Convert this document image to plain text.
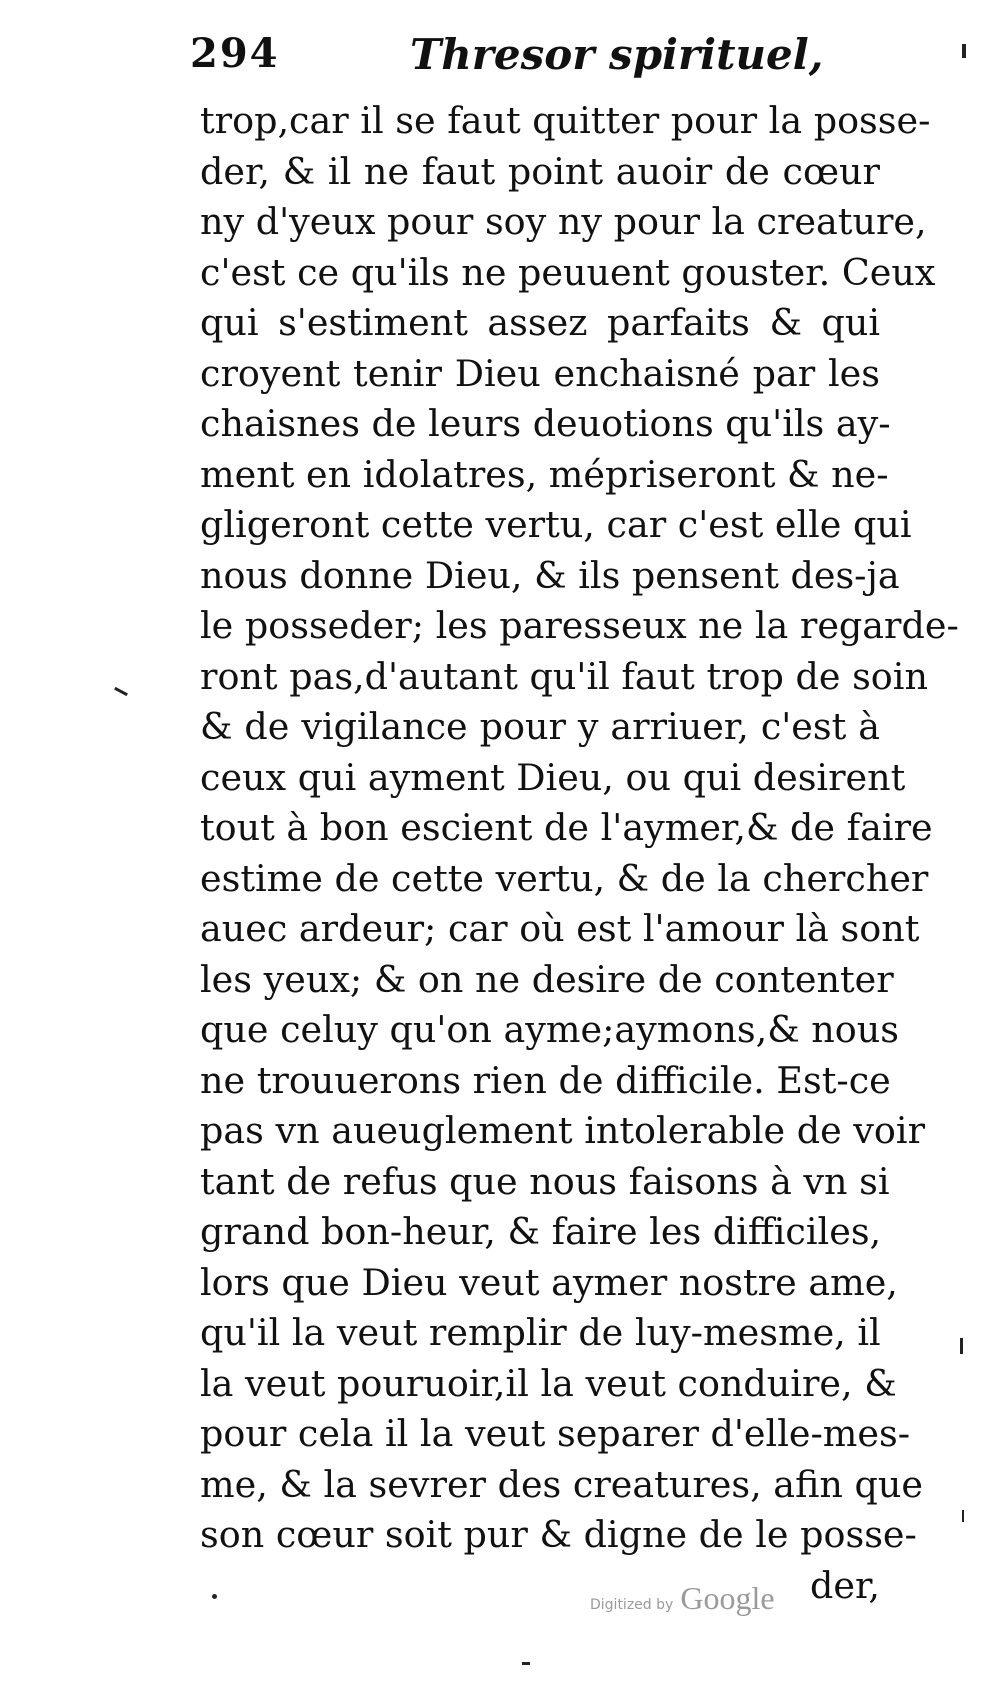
294	Thresor spirituel,
trop,car il se faut quitter pour la posse-
der, & il ne faut point auoir de cœur
ny d'yeux pour soy ny pour la creature,
c'est ce qu'ils ne peuuent gouster. Ceux
qui s'estiment assez parfaits & qui
croyent tenir Dieu enchaisné par les
chaisnes de leurs deuotions qu'ils ay-
ment en idolatres, mépriseront & ne-
gligeront cette vertu, car c'est elle qui
nous donne Dieu, & ils pensent des-ja
le posseder; les paresseux ne la regarde-
ront pas,d'autant qu'il faut trop de soin
& de vigilance pour y arriuer, c'est à
ceux qui ayment Dieu, ou qui desirent
tout à bon escient de l'aymer,& de faire
estime de cette vertu, & de la chercher
auec ardeur; car où est l'amour là sont
les yeux; & on ne desire de contenter
que celuy qu'on ayme;aymons,& nous
ne trouuerons rien de difficile. Est-ce
pas vn aueuglement intolerable de voir
tant de refus que nous faisons à vn si
grand bon-heur, & faire les difficiles,
lors que Dieu veut aymer nostre ame,
qu'il la veut remplir de luy-mesme, il
la veut pouruoir,il la veut conduire, &
pour cela il la veut separer d'elle-mes-
me, & la sevrer des creatures, afin que
son cœur soit pur & digne de le posse-
der,
Digitized by Google
